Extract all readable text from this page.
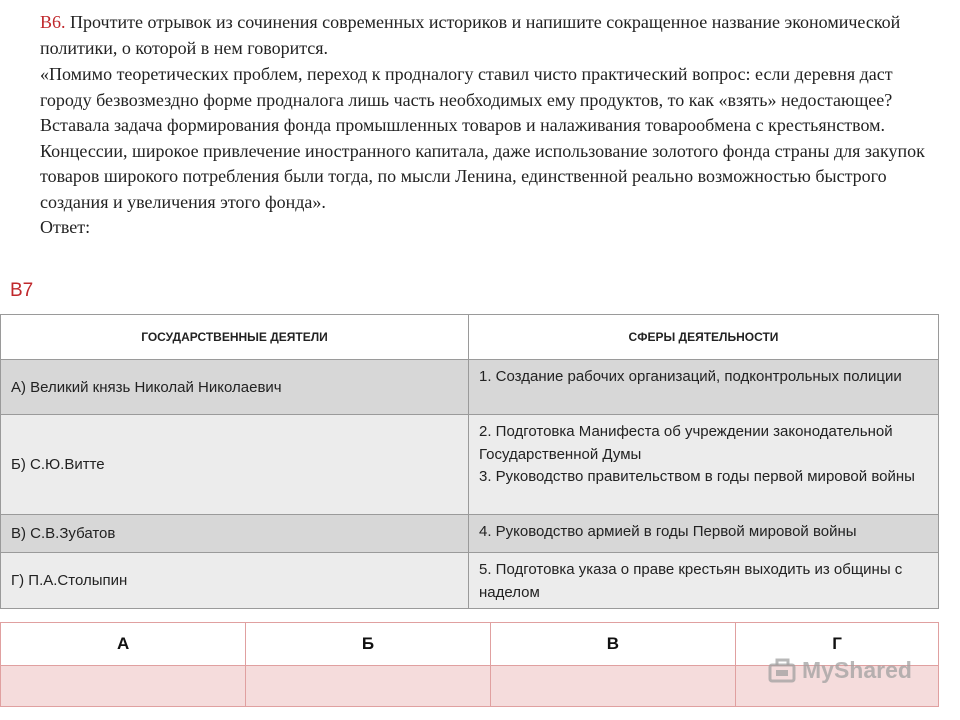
В6. Прочтите отрывок из сочинения современных историков и напишите сокращенное название экономической политики, о которой в нем говорится.

«Помимо теоретических проблем, переход к продналогу ставил чисто практический вопрос: если деревня даст городу безвозмездно форме продналога лишь часть необходимых ему продуктов, то как «взять» недостающее? Вставала задача формирования фонда промышленных товаров и налаживания товарообмена с крестьянством. Концессии, широкое привлечение иностранного капитала, даже использование золотого фонда страны для закупок товаров широкого потребления были тогда, по мысли Ленина, единственной реально возможностью быстрого создания и увеличения этого фонда».

Ответ:

В7
ГОСУДАРСТВЕННЫЕ ДЕЯТЕЛИ	СФЕРЫ ДЕЯТЕЛЬНОСТИ
А) Великий князь Николай Николаевич	1. Создание рабочих организаций, подконтрольных полиции

Б) С.Ю.Витте	2. Подготовка Манифеста об учреждении законодательной Государственной Думы
3. Руководство правительством в годы первой мировой войны

В) С.В.Зубатов	4. Руководство армией в годы Первой мировой войны

Г) П.А.Столыпин	5. Подготовка указа о праве крестьян выходить из общины с наделом
А	Б	В	Г

MyShared
